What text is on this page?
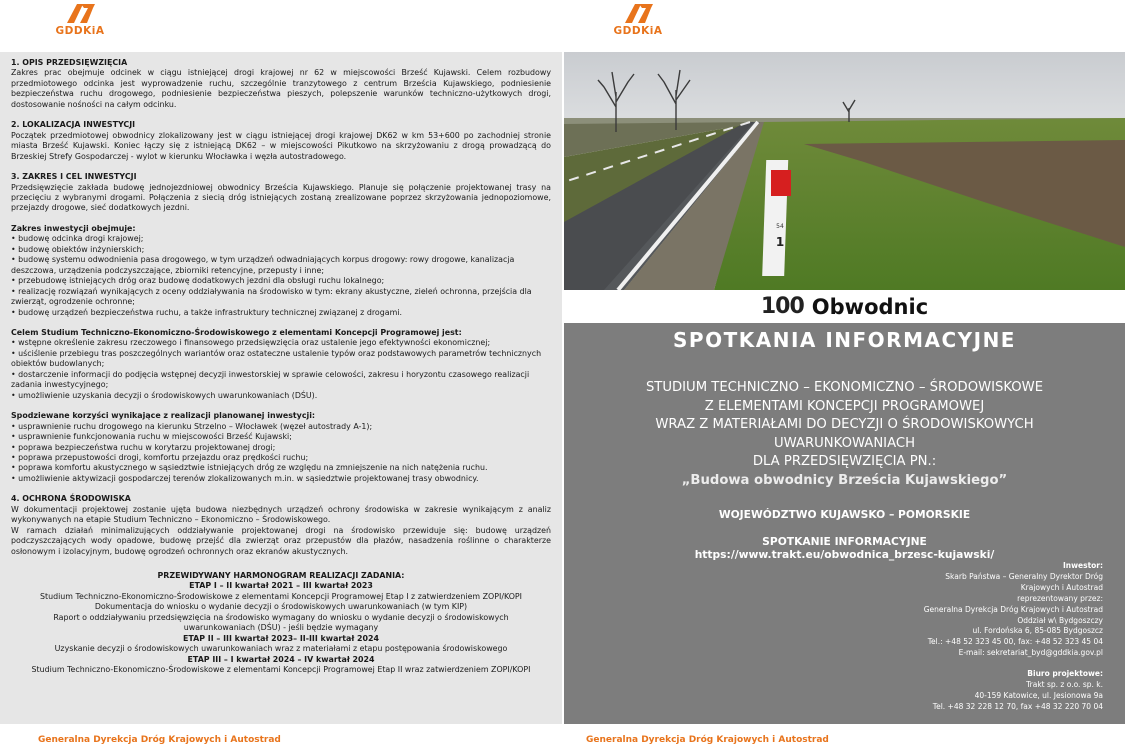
GDDKiA	GDDKiA
1. OPIS PRZEDSIĘWZIĘCIA

Zakres prac obejmuje odcinek w ciągu istniejącej drogi krajowej nr 62 w miejscowości Brześć Kujawski. Celem rozbudowy przedmiotowego odcinka jest wyprowadzenie ruchu, szczególnie tranzytowego z centrum Brześcia Kujawskiego, podniesienie bezpieczeństwa ruchu drogowego, podniesienie bezpieczeństwa pieszych, polepszenie warunków techniczno-użytkowych drogi, dostosowanie nośności na całym odcinku.

2. LOKALIZACJA INWESTYCJI

Początek przedmiotowej obwodnicy zlokalizowany jest w ciągu istniejącej drogi krajowej DK62 w km 53+600 po zachodniej stronie miasta Brześć Kujawski. Koniec łączy się z istniejącą DK62 – w miejscowości Pikutkowo na skrzyżowaniu z drogą prowadzącą do Brzeskiej Strefy Gospodarczej - wylot w kierunku Włocławka i węzła autostradowego.

3. ZAKRES I CEL INWESTYCJI

Przedsięwzięcie zakłada budowę jednojezdniowej obwodnicy Brześcia Kujawskiego. Planuje się połączenie projektowanej trasy na przecięciu z wybranymi drogami. Połączenia z siecią dróg istniejących zostaną zrealizowane poprzez skrzyżowania jednopoziomowe, przejazdy drogowe, sieć dodatkowych jezdni.

Zakres inwestycji obejmuje:
• budowę odcinka drogi krajowej;
• budowę obiektów inżynierskich;
• budowę systemu odwodnienia pasa drogowego, w tym urządzeń odwadniających korpus drogowy: rowy drogowe, kanalizacja deszczowa, urządzenia podczyszczające, zbiorniki retencyjne, przepusty i inne;
• przebudowę istniejących dróg oraz budowę dodatkowych jezdni dla obsługi ruchu lokalnego;
• realizację rozwiązań wynikających z oceny oddziaływania na środowisko w tym: ekrany akustyczne, zieleń ochronna, przejścia dla zwierząt, ogrodzenie ochronne;
• budowę urządzeń bezpieczeństwa ruchu, a także infrastruktury technicznej związanej z drogami.
Celem Studium Techniczno-Ekonomiczno-Środowiskowego z elementami Koncepcji Programowej jest:
• wstępne określenie zakresu rzeczowego i finansowego przedsięwzięcia oraz ustalenie jego efektywności ekonomicznej;
• uściślenie przebiegu tras poszczególnych wariantów oraz ostateczne ustalenie typów oraz podstawowych parametrów technicznych obiektów budowlanych;
• dostarczenie informacji do podjęcia wstępnej decyzji inwestorskiej w sprawie celowości, zakresu i horyzontu czasowego realizacji zadania inwestycyjnego;
• umożliwienie uzyskania decyzji o środowiskowych uwarunkowaniach (DŚU).
Spodziewane korzyści wynikające z realizacji planowanej inwestycji:
• usprawnienie ruchu drogowego na kierunku Strzelno – Włocławek (węzeł autostrady A-1);
• usprawnienie funkcjonowania ruchu w miejscowości Brześć Kujawski;
• poprawa bezpieczeństwa ruchu w korytarzu projektowanej drogi;
• poprawa przepustowości drogi, komfortu przejazdu oraz prędkości ruchu;
• poprawa komfortu akustycznego w sąsiedztwie istniejących dróg ze względu na zmniejszenie na nich natężenia ruchu.
• umożliwienie aktywizacji gospodarczej terenów zlokalizowanych m.in. w sąsiedztwie projektowanej trasy obwodnicy.
4. OCHRONA ŚRODOWISKA

W dokumentacji projektowej zostanie ujęta budowa niezbędnych urządzeń ochrony środowiska w zakresie wynikającym z analiz wykonywanych na etapie Studium Techniczno – Ekonomiczno – Środowiskowego.
W ramach działań minimalizujących oddziaływanie projektowanej drogi na środowisko przewiduje się: budowę urządzeń podczyszczających wody opadowe, budowę przejść dla zwierząt oraz przepustów dla płazów, nasadzenia roślinne o charakterze osłonowym i izolacyjnym, budowę ogrodzeń ochronnych oraz ekranów akustycznych.

PRZEWIDYWANY HARMONOGRAM REALIZACJI ZADANIA:
ETAP I – II kwartał 2021 – III kwartał 2023
Studium Techniczno-Ekonomiczno-Środowiskowe z elementami Koncepcji Programowej Etap I z zatwierdzeniem ZOPI/KOPI
Dokumentacja do wniosku o wydanie decyzji o środowiskowych uwarunkowaniach (w tym KIP)
Raport o oddziaływaniu przedsięwzięcia na środowisko wymagany do wniosku o wydanie decyzji o środowiskowych uwarunkowaniach (DŚU) - jeśli będzie wymagany
ETAP II – III kwartał 2023– II-III kwartał 2024
Uzyskanie decyzji o środowiskowych uwarunkowaniach wraz z materiałami z etapu postępowania środowiskowego
ETAP III – I kwartał 2024 – IV kwartał 2024
Studium Techniczno-Ekonomiczno-Środowiskowe z elementami Koncepcji Programowej Etap II wraz zatwierdzeniem ZOPI/KOPI
54
1
100 Obwodnic
SPOTKANIA INFORMACYJNE
STUDIUM TECHNICZNO – EKONOMICZNO – ŚRODOWISKOWE
Z ELEMENTAMI KONCEPCJI PROGRAMOWEJ
WRAZ Z MATERIAŁAMI DO DECYZJI O ŚRODOWISKOWYCH
UWARUNKOWANIACH
DLA PRZEDSIĘWZIĘCIA PN.:
„Budowa obwodnicy Brześcia Kujawskiego”
WOJEWÓDZTWO KUJAWSKO – POMORSKIE
SPOTKANIE INFORMACYJNE
https://www.trakt.eu/obwodnica_brzesc-kujawski/
Inwestor:
Skarb Państwa – Generalny Dyrektor Dróg
Krajowych i Autostrad
reprezentowany przez:
Generalna Dyrekcja Dróg Krajowych i Autostrad
Oddział w\ Bydgoszczy
ul. Fordońska 6, 85-085 Bydgoszcz
Tel.: +48 52 323 45 00, fax: +48 52 323 45 04
E-mail: sekretariat_byd@gddkia.gov.pl
Biuro projektowe:
Trakt sp. z o.o. sp. k.
40-159 Katowice, ul. Jesionowa 9a
Tel. +48 32 228 12 70, fax +48 32 220 70 04
Generalna Dyrekcja Dróg Krajowych i Autostrad	Generalna Dyrekcja Dróg Krajowych i Autostrad
